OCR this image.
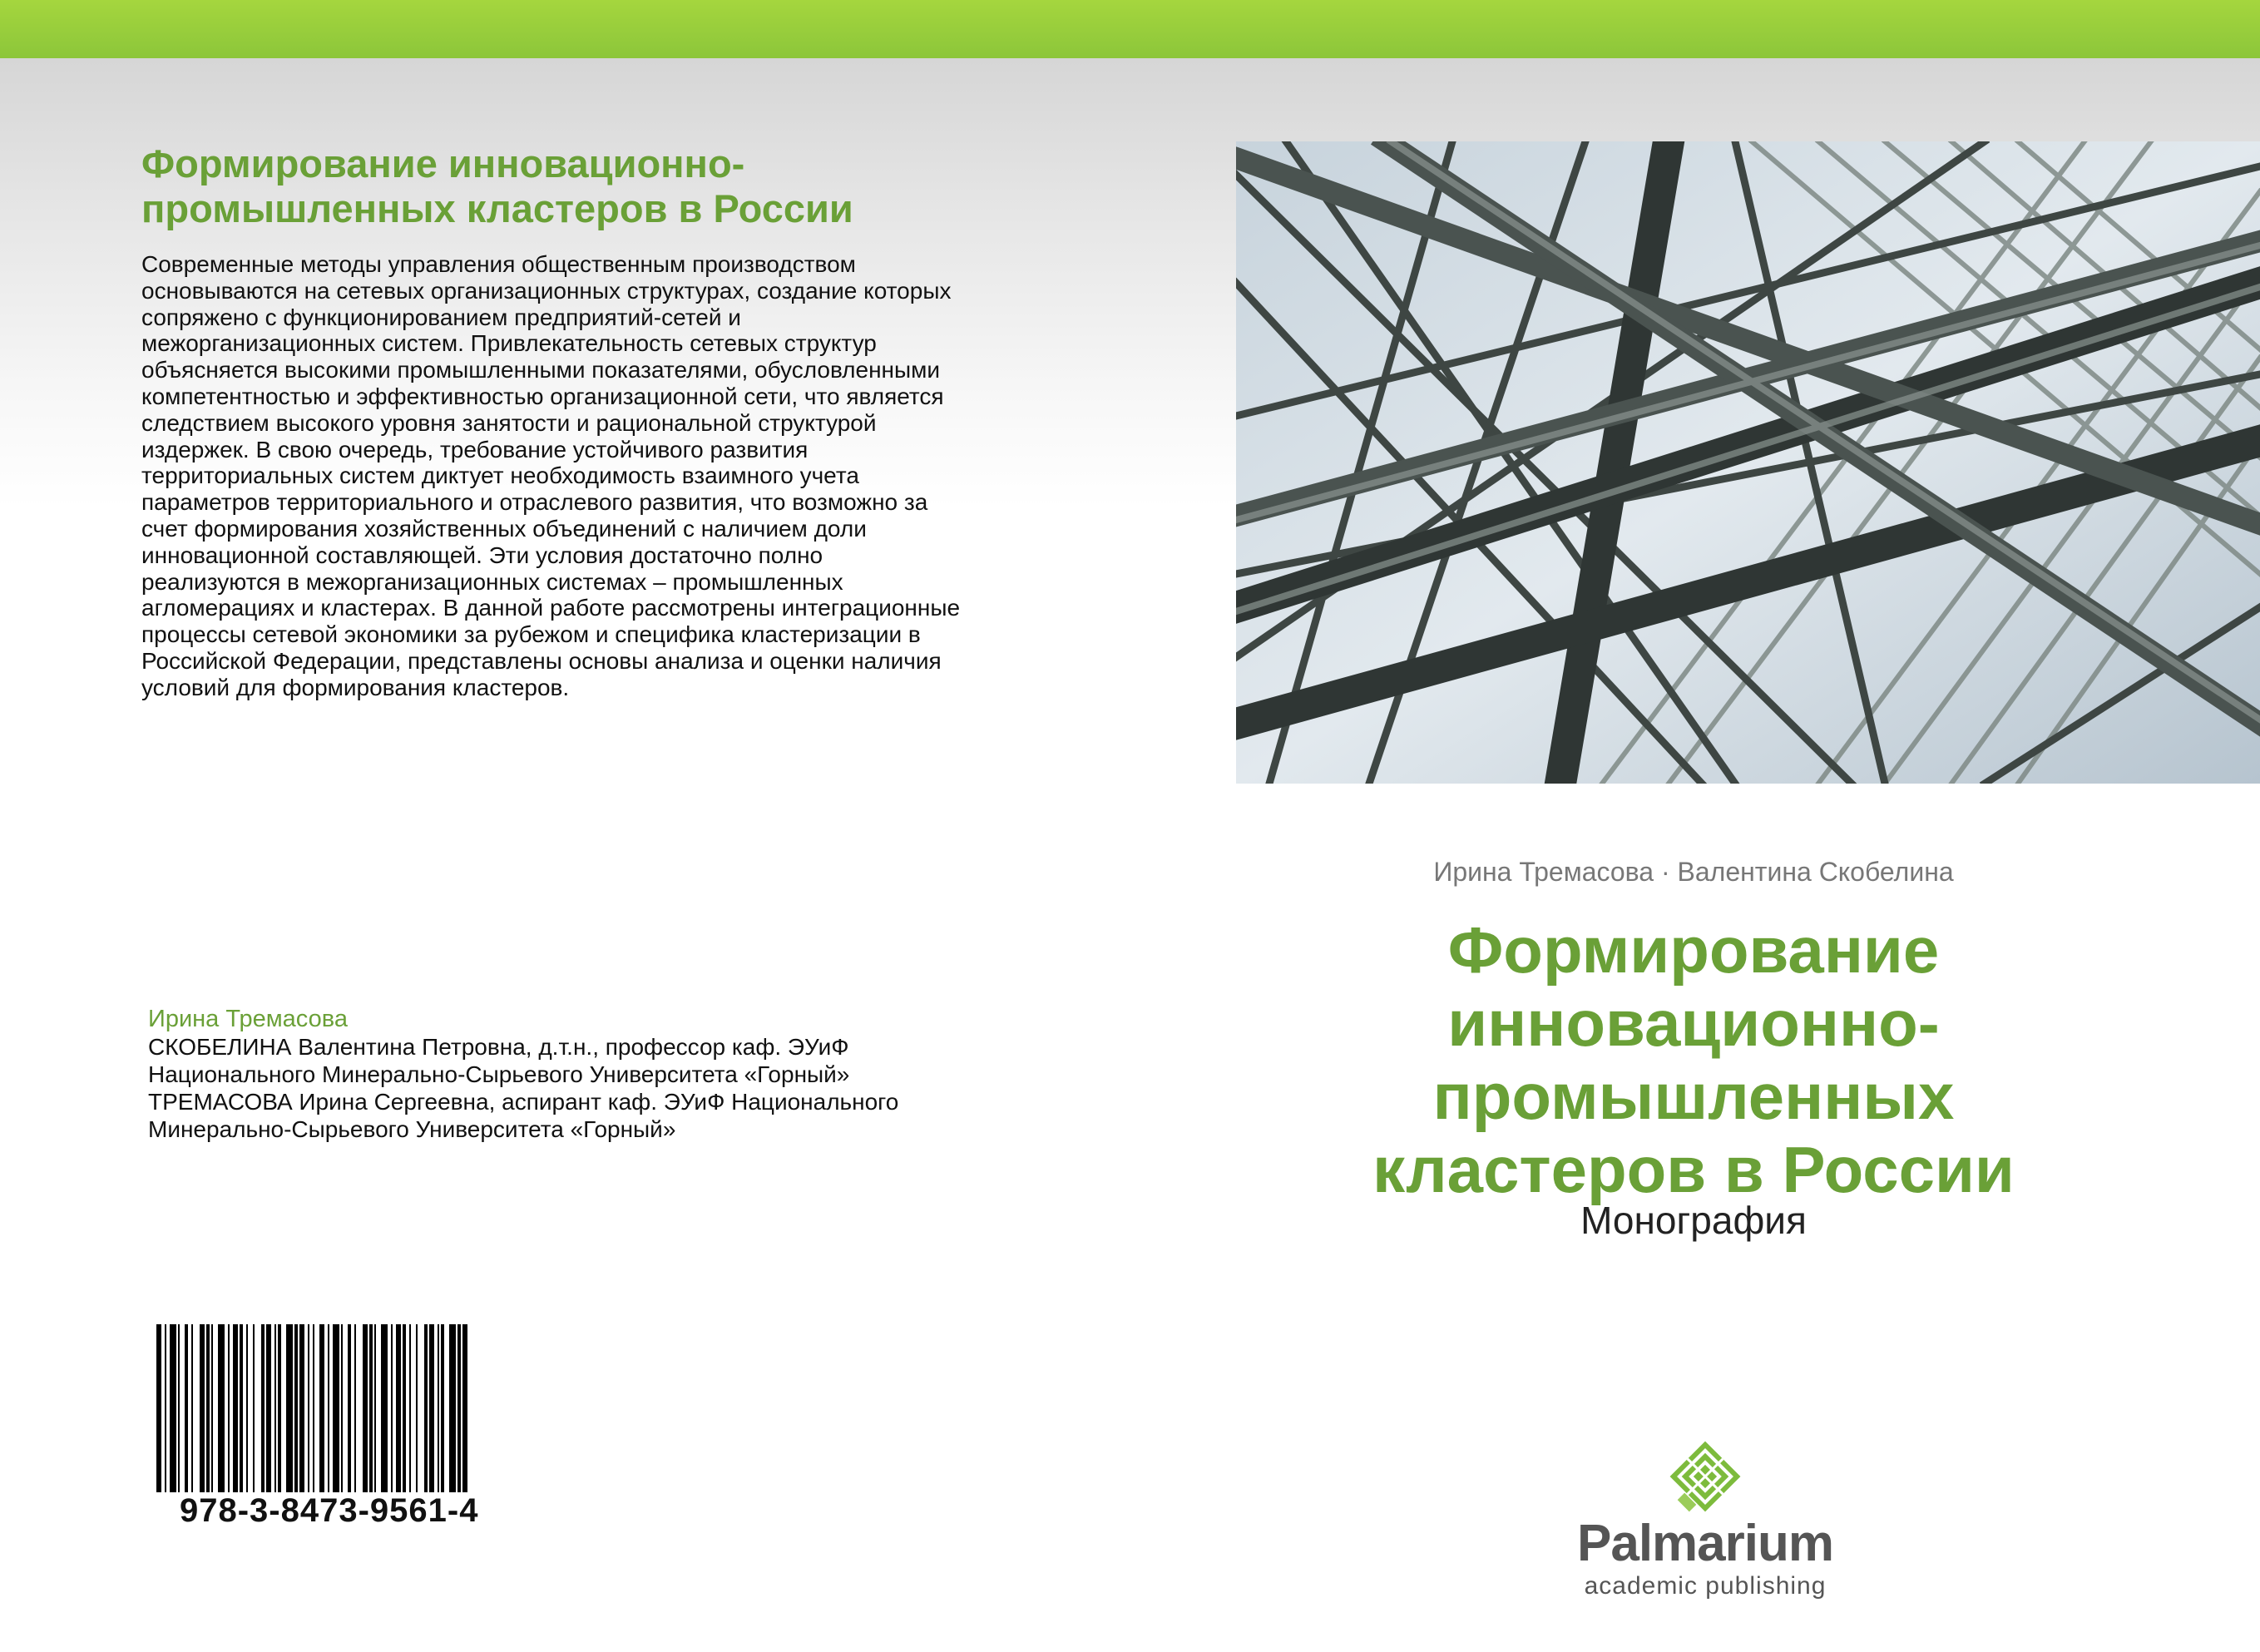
Формирование инновационно-
промышленных кластеров в России
Современные методы управления общественным производством
основываются на сетевых организационных структурах, создание которых
сопряжено с функционированием предприятий-сетей и
межорганизационных систем. Привлекательность сетевых структур
объясняется высокими промышленными показателями, обусловленными
компетентностью и эффективностью организационной сети, что является
следствием высокого уровня занятости и рациональной структурой
издержек. В свою очередь, требование устойчивого развития
территориальных систем диктует необходимость взаимного учета
параметров территориального и отраслевого развития, что возможно за
счет формирования хозяйственных объединений с наличием доли
инновационной составляющей. Эти условия достаточно полно
реализуются в межорганизационных системах – промышленных
агломерациях и кластерах. В данной работе рассмотрены интеграционные
процессы сетевой экономики за рубежом и специфика кластеризации в
Российской Федерации, представлены основы анализа и оценки наличия
условий для формирования кластеров.
Ирина Тремасова
СКОБЕЛИНА Валентина Петровна, д.т.н., профессор каф. ЭУиФ
Национального Минерально-Сырьевого Университета «Горный»
ТРЕМАСОВА Ирина Сергеевна, аспирант каф. ЭУиФ Национального
Минерально-Сырьевого Университета «Горный»
978-3-8473-9561-4
Ирина Тремасова · Валентина Скобелина
Формирование
инновационно-
промышленных
кластеров в России
Монография
Palmarium
academic publishing
